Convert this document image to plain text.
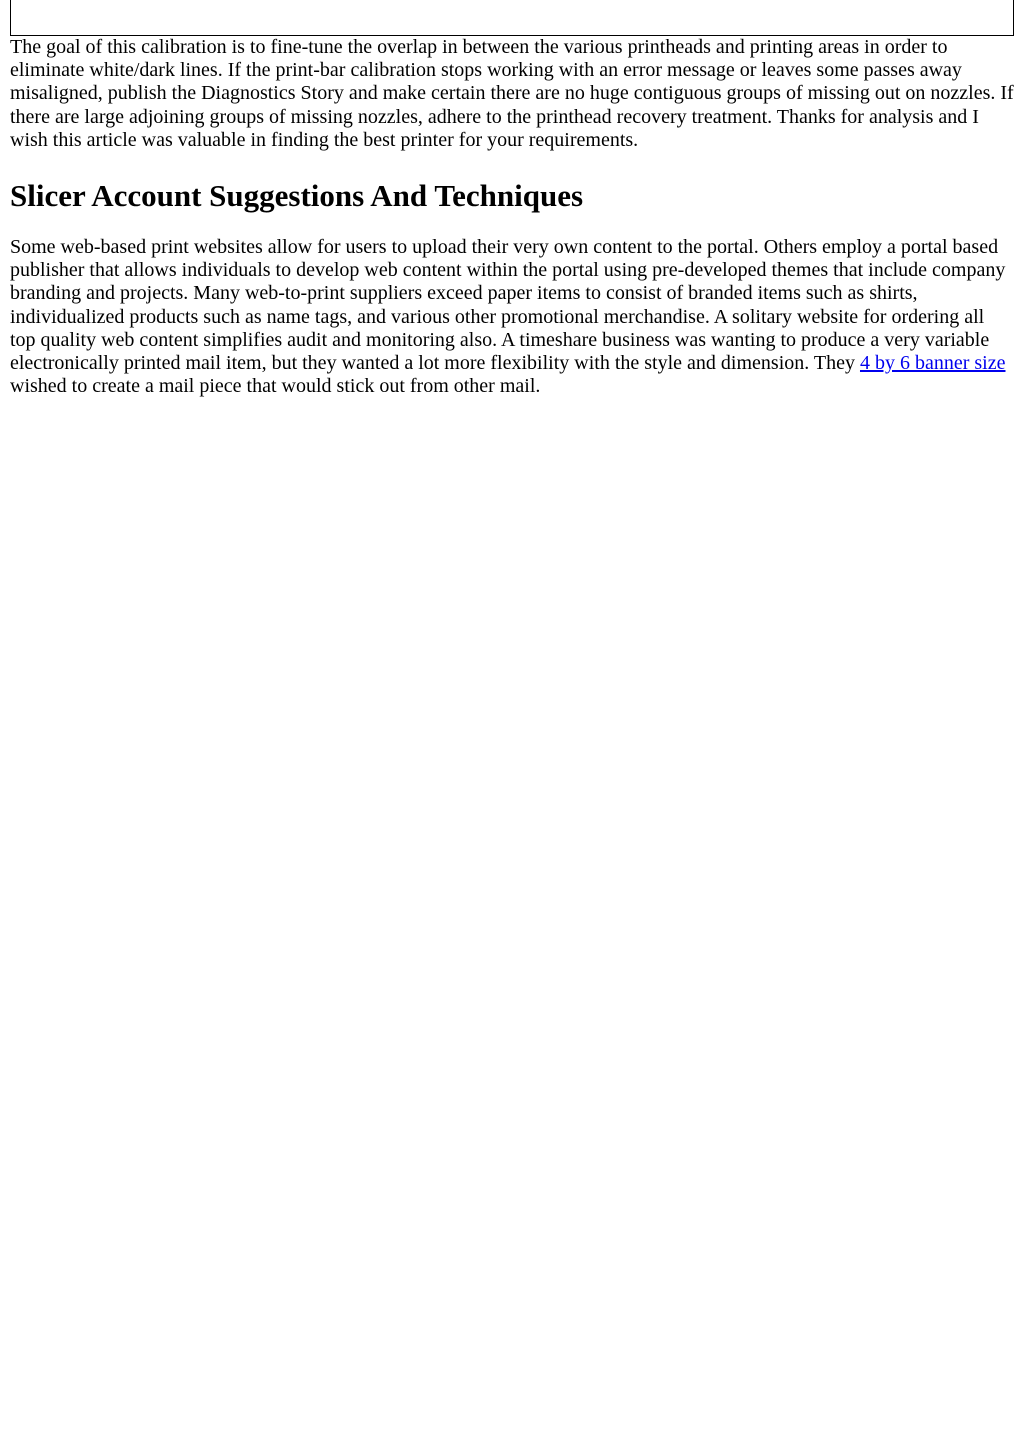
The goal of this calibration is to fine-tune the overlap in between the various printheads and printing areas in order to eliminate white/dark lines. If the print-bar calibration stops working with an error message or leaves some passes away misaligned, publish the Diagnostics Story and make certain there are no huge contiguous groups of missing out on nozzles. If there are large adjoining groups of missing nozzles, adhere to the printhead recovery treatment. Thanks for analysis and I wish this article was valuable in finding the best printer for your requirements.

Slicer Account Suggestions And Techniques

Some web-based print websites allow for users to upload their very own content to the portal. Others employ a portal based publisher that allows individuals to develop web content within the portal using pre-developed themes that include company branding and projects. Many web-to-print suppliers exceed paper items to consist of branded items such as shirts, individualized products such as name tags, and various other promotional merchandise. A solitary website for ordering all top quality web content simplifies audit and monitoring also. A timeshare business was wanting to produce a very variable electronically printed mail item, but they wanted a lot more flexibility with the style and dimension. They 4 by 6 banner size wished to create a mail piece that would stick out from other mail.
